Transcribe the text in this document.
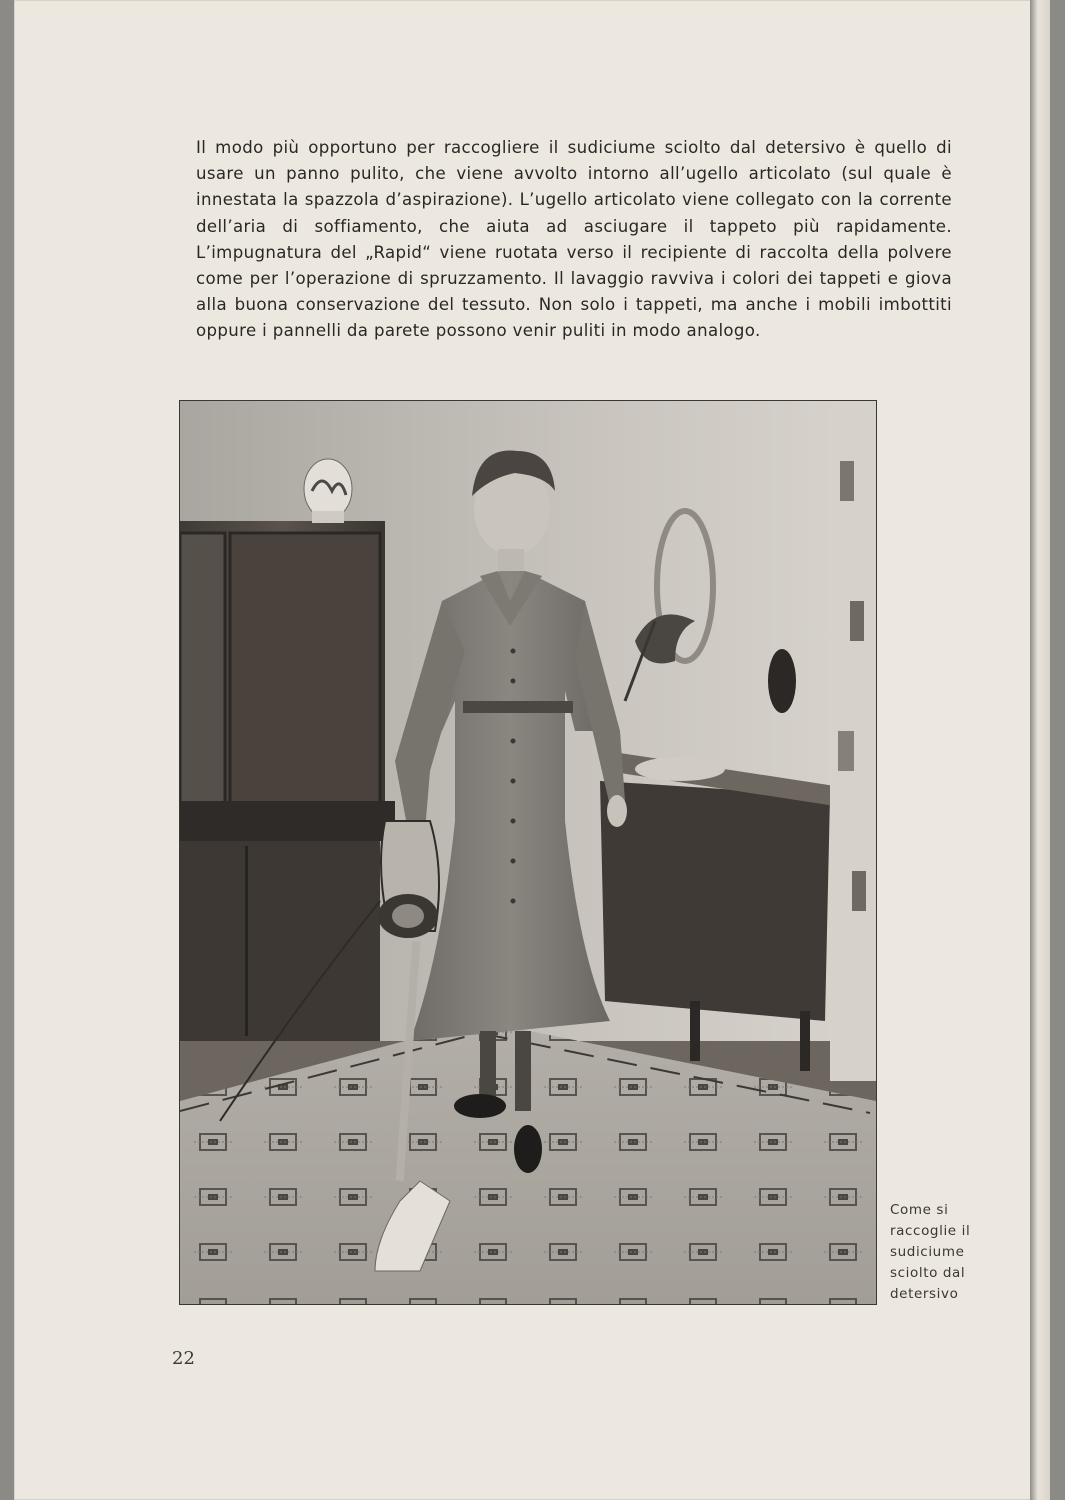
Il modo più opportuno per raccogliere il sudiciume sciolto dal detersivo è quello di usare un panno pulito, che viene avvolto intorno all’ugello articolato (sul quale è innestata la spazzola d’aspirazione). L’ugello articolato viene collegato con la corrente dell’aria di soffiamento, che aiuta ad asciugare il tappeto più rapidamente. L’impugnatura del „Rapid“ viene ruotata verso il recipiente di raccolta della polvere come per l’operazione di spruzzamento. Il lavaggio ravviva i colori dei tappeti e giova alla buona conservazione del tessuto. Non solo i tappeti, ma anche i mobili imbottiti oppure i pannelli da parete possono venir puliti in modo analogo.

Come si
raccoglie il
sudiciume
sciolto dal
detersivo
22
